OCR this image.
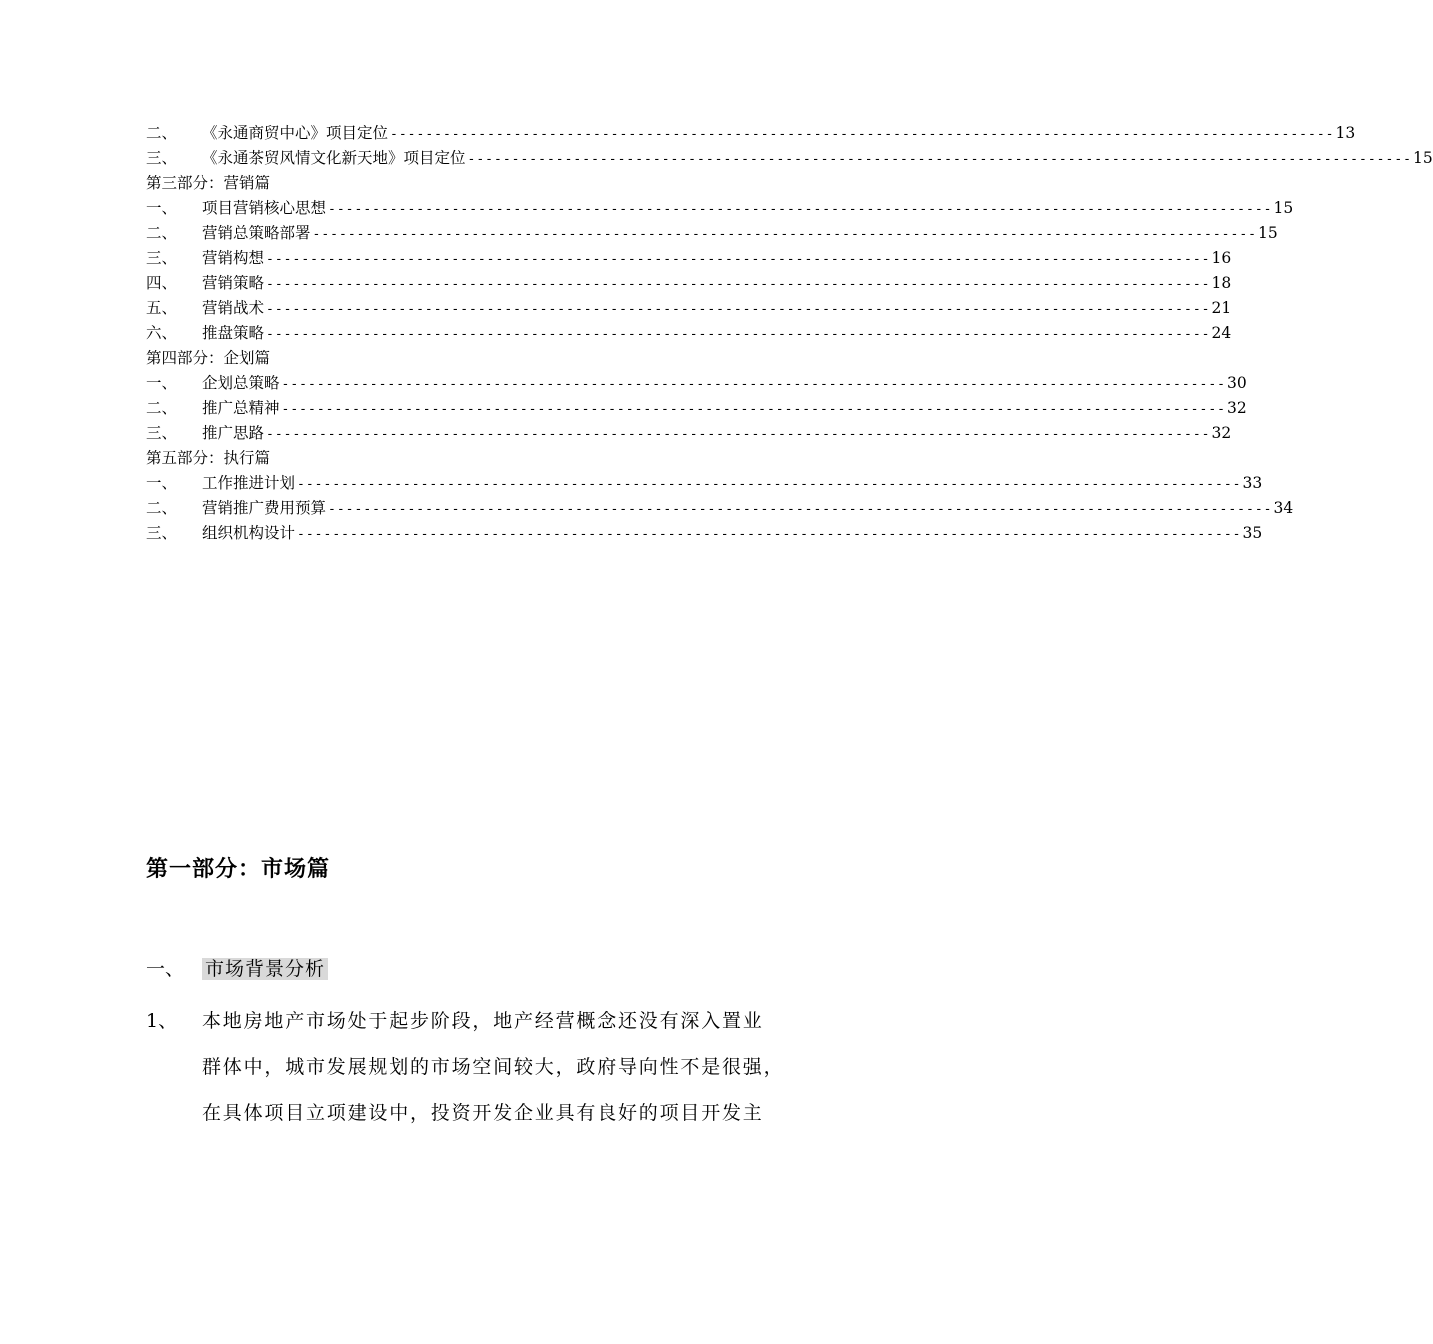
二、 《永通商贸中心》项目定位 ----------------------------------------------------------------------------------------------------------- 13
三、 《永通茶贸风情文化新天地》项目定位 ----------------------------------------------------------------------------------------------------------- 15
第三部分：营销篇
一、 项目营销核心思想 ----------------------------------------------------------------------------------------------------------- 15
二、 营销总策略部署 ----------------------------------------------------------------------------------------------------------- 15
三、 营销构想 ----------------------------------------------------------------------------------------------------------- 16
四、 营销策略 ----------------------------------------------------------------------------------------------------------- 18
五、 营销战术 ----------------------------------------------------------------------------------------------------------- 21
六、 推盘策略 ----------------------------------------------------------------------------------------------------------- 24
第四部分：企划篇
一、 企划总策略 ----------------------------------------------------------------------------------------------------------- 30
二、 推广总精神 ----------------------------------------------------------------------------------------------------------- 32
三、 推广思路 ----------------------------------------------------------------------------------------------------------- 32
第五部分：执行篇
一、 工作推进计划 ----------------------------------------------------------------------------------------------------------- 33
二、 营销推广费用预算 ----------------------------------------------------------------------------------------------------------- 34
三、 组织机构设计 ----------------------------------------------------------------------------------------------------------- 35
第一部分：市场篇
一、 市场背景分析
1、 本地房地产市场处于起步阶段，地产经营概念还没有深入置业
群体中，城市发展规划的市场空间较大，政府导向性不是很强，
在具体项目立项建设中，投资开发企业具有良好的项目开发主
